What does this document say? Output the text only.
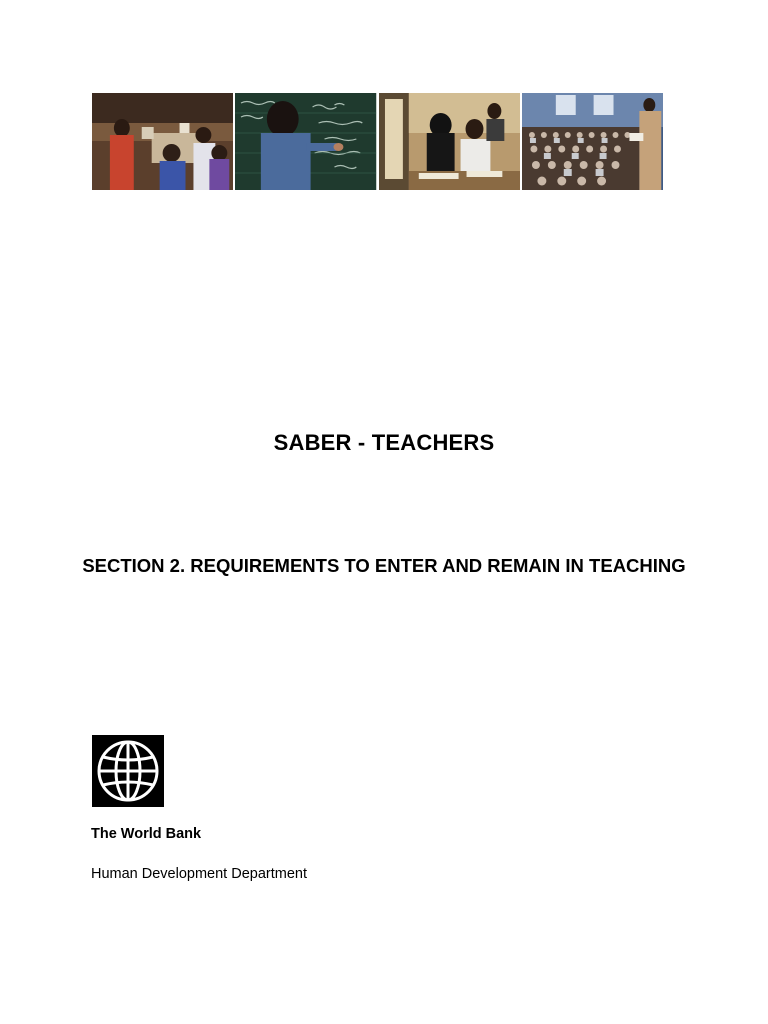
SABER - TEACHERS
SECTION 2. REQUIREMENTS TO ENTER AND REMAIN IN TEACHING
The World Bank
Human Development Department
